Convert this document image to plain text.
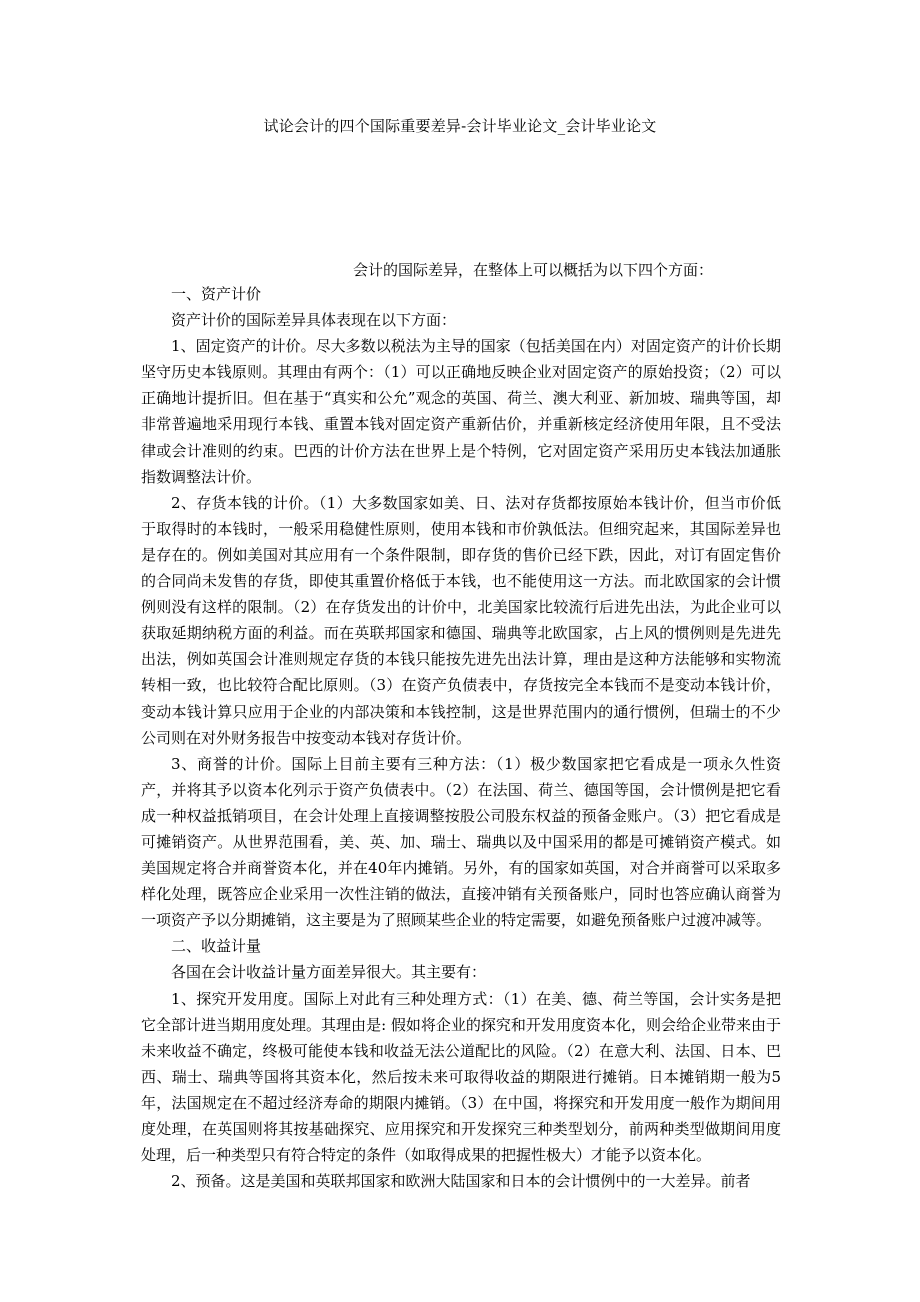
试论会计的四个国际重要差异-会计毕业论文_会计毕业论文
会计的国际差异，在整体上可以概括为以下四个方面：

一、资产计价

资产计价的国际差异具体表现在以下方面：

1、固定资产的计价。尽大多数以税法为主导的国家（包括美国在内）对固定资产的计价长期坚守历史本钱原则。其理由有两个：（1）可以正确地反映企业对固定资产的原始投资；（2）可以正确地计提折旧。但在基于“真实和公允”观念的英国、荷兰、澳大利亚、新加坡、瑞典等国，却非常普遍地采用现行本钱、重置本钱对固定资产重新估价，并重新核定经济使用年限，且不受法律或会计准则的约束。巴西的计价方法在世界上是个特例，它对固定资产采用历史本钱法加通胀指数调整法计价。

2、存货本钱的计价。（1）大多数国家如美、日、法对存货都按原始本钱计价，但当市价低于取得时的本钱时，一般采用稳健性原则，使用本钱和市价孰低法。但细究起来，其国际差异也是存在的。例如美国对其应用有一个条件限制，即存货的售价已经下跌，因此，对订有固定售价的合同尚未发售的存货，即使其重置价格低于本钱，也不能使用这一方法。而北欧国家的会计惯例则没有这样的限制。（2）在存货发出的计价中，北美国家比较流行后进先出法，为此企业可以获取延期纳税方面的利益。而在英联邦国家和德国、瑞典等北欧国家，占上风的惯例则是先进先出法，例如英国会计准则规定存货的本钱只能按先进先出法计算，理由是这种方法能够和实物流转相一致，也比较符合配比原则。（3）在资产负债表中，存货按完全本钱而不是变动本钱计价，变动本钱计算只应用于企业的内部决策和本钱控制，这是世界范围内的通行惯例，但瑞士的不少公司则在对外财务报告中按变动本钱对存货计价。

3、商誉的计价。国际上目前主要有三种方法：（1）极少数国家把它看成是一项永久性资产，并将其予以资本化列示于资产负债表中。（2）在法国、荷兰、德国等国，会计惯例是把它看成一种权益抵销项目，在会计处理上直接调整按股公司股东权益的预备金账户。（3）把它看成是可摊销资产。从世界范围看，美、英、加、瑞士、瑞典以及中国采用的都是可摊销资产模式。如美国规定将合并商誉资本化，并在40年内摊销。另外，有的国家如英国，对合并商誉可以采取多样化处理，既答应企业采用一次性注销的做法，直接冲销有关预备账户，同时也答应确认商誉为一项资产予以分期摊销，这主要是为了照顾某些企业的特定需要，如避免预备账户过渡冲减等。

二、收益计量

各国在会计收益计量方面差异很大。其主要有：

1、探究开发用度。国际上对此有三种处理方式：（1）在美、德、荷兰等国，会计实务是把它全部计进当期用度处理。其理由是: 假如将企业的探究和开发用度资本化，则会给企业带来由于未来收益不确定，终极可能使本钱和收益无法公道配比的风险。（2）在意大利、法国、日本、巴西、瑞士、瑞典等国将其资本化，然后按未来可取得收益的期限进行摊销。日本摊销期一般为5年，法国规定在不超过经济寿命的期限内摊销。（3）在中国，将探究和开发用度一般作为期间用度处理，在英国则将其按基础探究、应用探究和开发探究三种类型划分，前两种类型做期间用度处理，后一种类型只有符合特定的条件（如取得成果的把握性极大）才能予以资本化。

2、预备。这是美国和英联邦国家和欧洲大陆国家和日本的会计惯例中的一大差异。前者
